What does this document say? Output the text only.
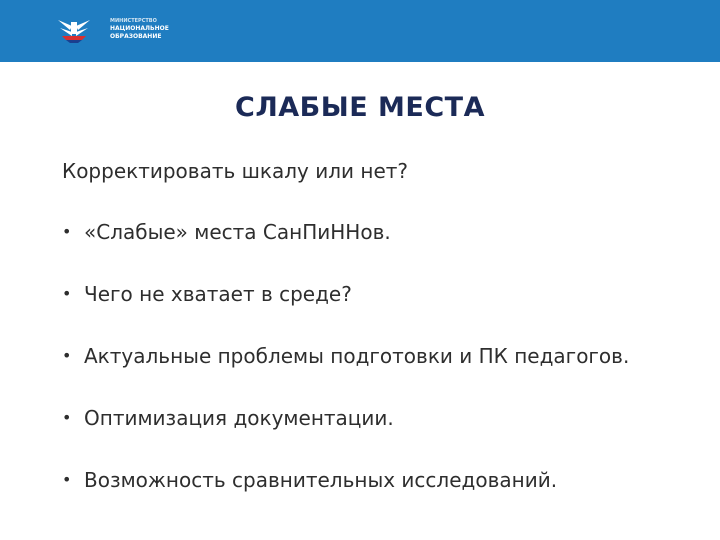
МИНИСТЕРСТВО
НАЦИОНАЛЬНОЕ
ОБРАЗОВАНИЕ
СЛАБЫЕ МЕСТА
Корректировать шкалу или нет?
• «Слабые» места СанПиННов.
• Чего не хватает в среде?
• Актуальные проблемы подготовки и ПК педагогов.
• Оптимизация документации.
• Возможность сравнительных исследований.
